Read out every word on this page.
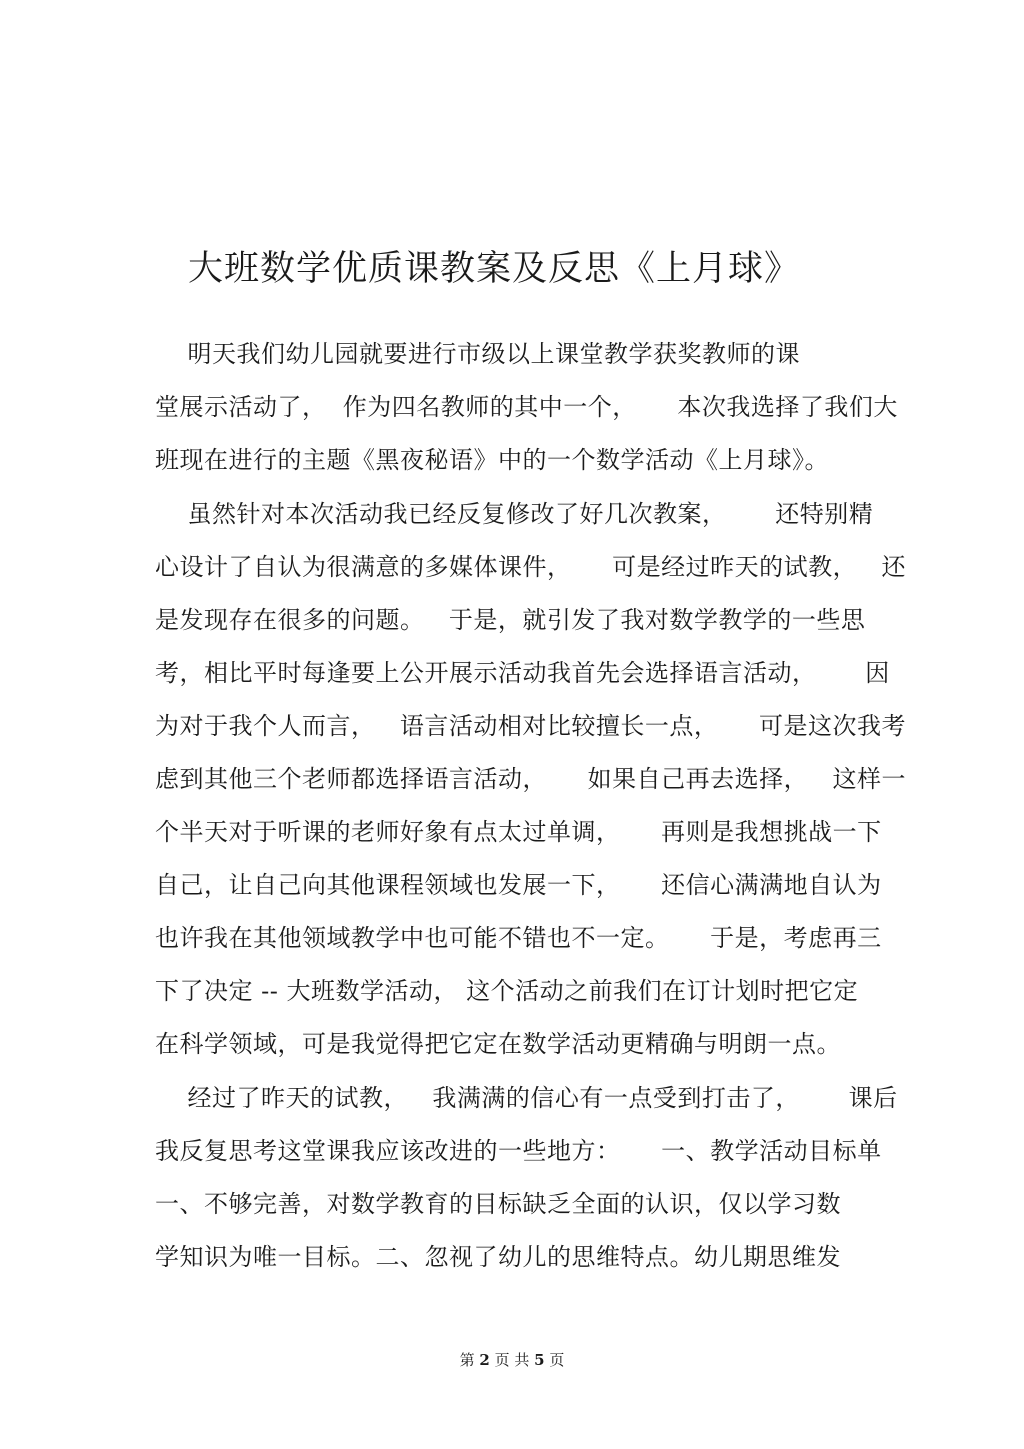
大班数学优质课教案及反思《上月球》

明天我们幼儿园就要进行市级以上课堂教学获奖教师的课
堂展示活动了，  作为四名教师的其中一个，     本次我选择了我们大
班现在进行的主题《黑夜秘语》中的一个数学活动《上月球》。

虽然针对本次活动我已经反复修改了好几次教案，      还特别精
心设计了自认为很满意的多媒体课件，     可是经过昨天的试教，   还
是发现存在很多的问题。   于是，就引发了我对数学教学的一些思
考，相比平时每逢要上公开展示活动我首先会选择语言活动，      因
为对于我个人而言，   语言活动相对比较擅长一点，     可是这次我考
虑到其他三个老师都选择语言活动，     如果自己再去选择，   这样一
个半天对于听课的老师好象有点太过单调，     再则是我想挑战一下
自己，让自己向其他课程领域也发展一下，     还信心满满地自认为
也许我在其他领域教学中也可能不错也不一定。     于是，考虑再三
下了决定 -- 大班数学活动， 这个活动之前我们在订计划时把它定
在科学领域，可是我觉得把它定在数学活动更精确与明朗一点。

经过了昨天的试教，   我满满的信心有一点受到打击了，      课后
我反复思考这堂课我应该改进的一些地方：     一、教学活动目标单
一、不够完善，对数学教育的目标缺乏全面的认识，仅以学习数
学知识为唯一目标。二、忽视了幼儿的思维特点。幼儿期思维发

第 2 页 共 5 页
